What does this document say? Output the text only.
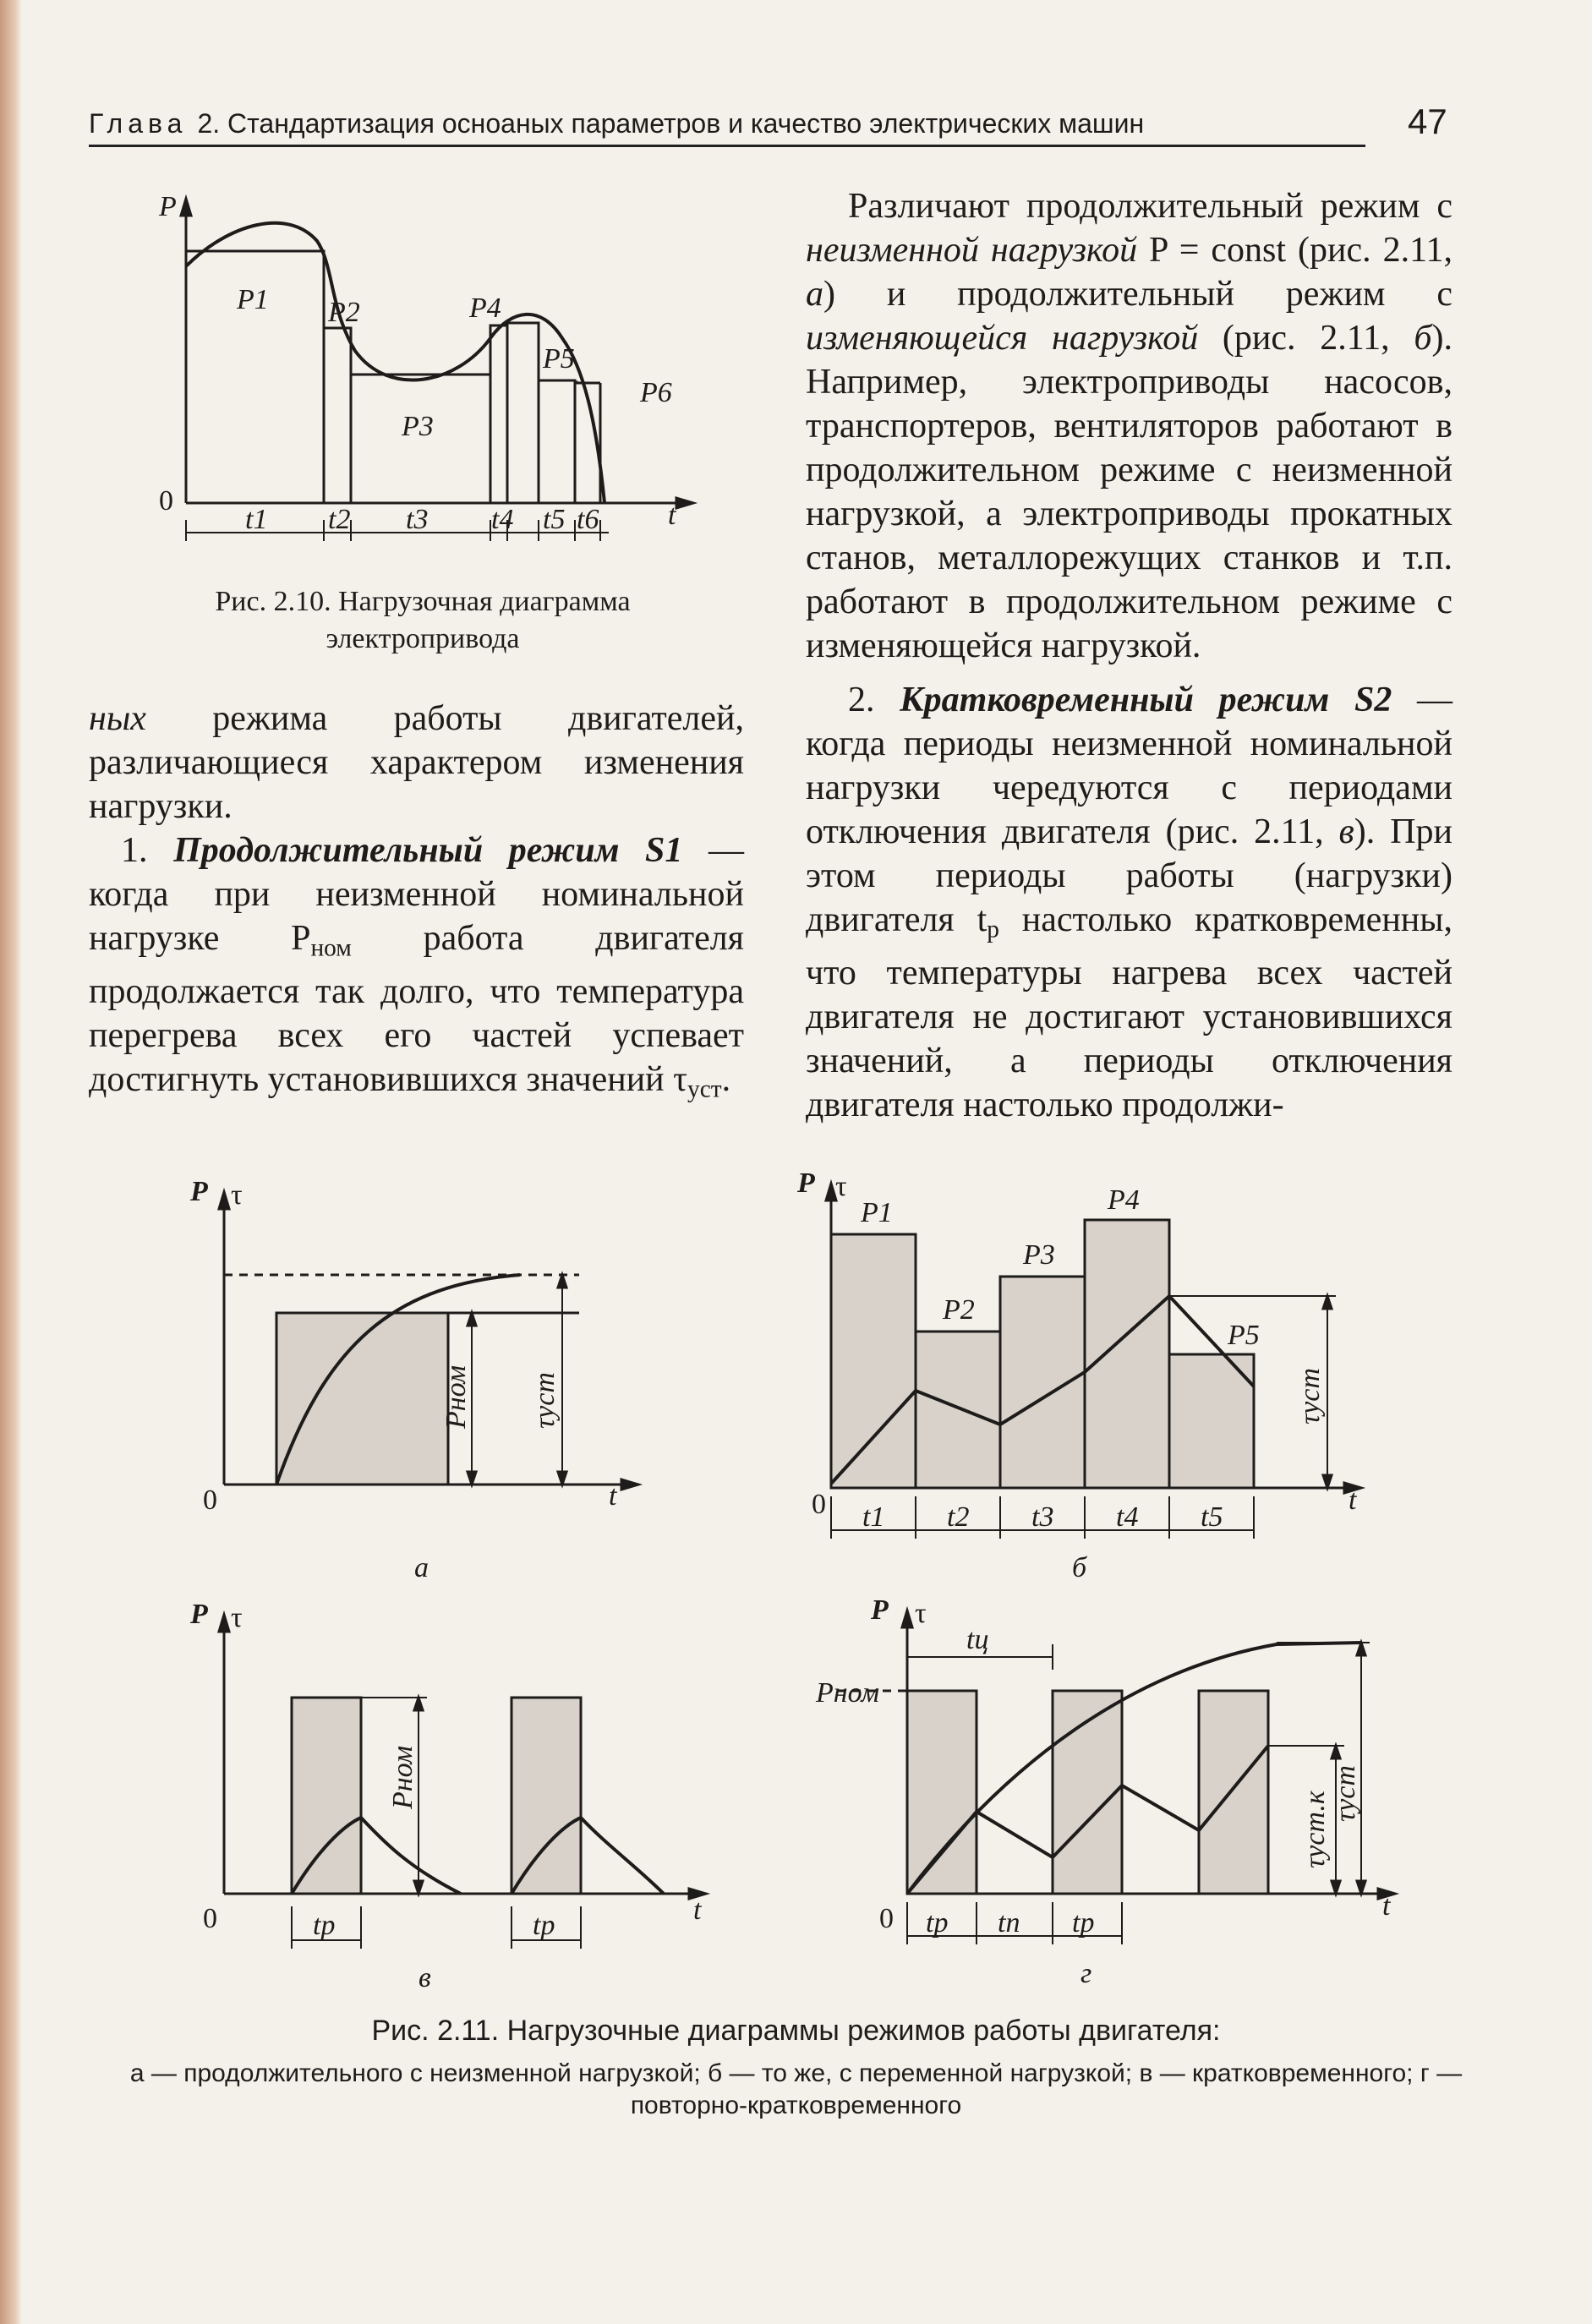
Глава 2. Стандартизация осноаных параметров и качество электрических машин	47
P
t
0
P1 P2
P3
P4
P5
P6
t1 t2 t3 t4 t5 t6
Рис. 2.10. Нагрузочная диаграмма
электропривода

ных режима работы двигателей, различающиеся характером изменения нагрузки.

1. Продолжительный режим S1 — когда при неизменной номинальной нагрузке $P_{ном}$ работа двигателя продолжается так долго, что температура перегрева всех его частей успевает достигнуть установившихся значений $\tau_{уст}$.

Различают продолжительный режим с неизменной нагрузкой P = const (рис. 2.11, а) и продолжительный режим с изменяющейся нагрузкой (рис. 2.11, б). Например, электроприводы насосов, транспортеров, вентиляторов работают в продолжительном режиме с неизменной нагрузкой, а электроприводы прокатных станов, металлорежущих станков и т.п. работают в продолжительном режиме с изменяющейся нагрузкой.

2. Кратковременный режим S2 — когда периоды неизменной номинальной нагрузки чередуются с периодами отключения двигателя (рис. 2.11, в). При этом периоды работы (нагрузки) двигателя $t_р$ настолько кратковременны, что температуры нагрева всех частей двигателя не достигают установившихся значений, а периоды отключения двигателя настолько продолжи-

P τ
0	t
Pном τуст
а
P τ
0	t
P1
P2
P3
P4
P5
τуст
t1 t2 t3 t4 t5
б
P τ
0	t
Pном
tр	tр
в
P τ
Pном
0	t
tц
tр tп tр
τуст.к τуст
г
Рис. 2.11. Нагрузочные диаграммы режимов работы двигателя:
а — продолжительного с неизменной нагрузкой; б — то же, с переменной нагрузкой; в — кратковременного; г — повторно-кратковременного
